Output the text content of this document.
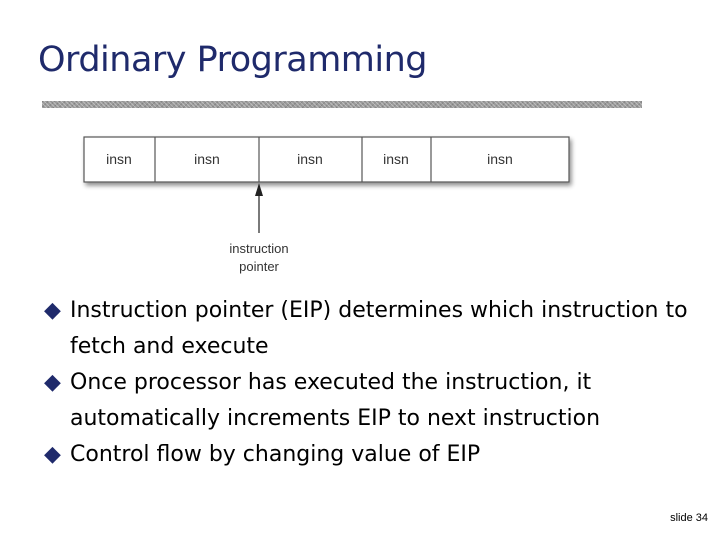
Ordinary Programming
insn	insn	insn	insn	insn
instruction
pointer
◆ Instruction pointer (EIP) determines which instruction to fetch and execute
◆ Once processor has executed the instruction, it automatically increments EIP to next instruction
◆ Control flow by changing value of EIP
slide 34
